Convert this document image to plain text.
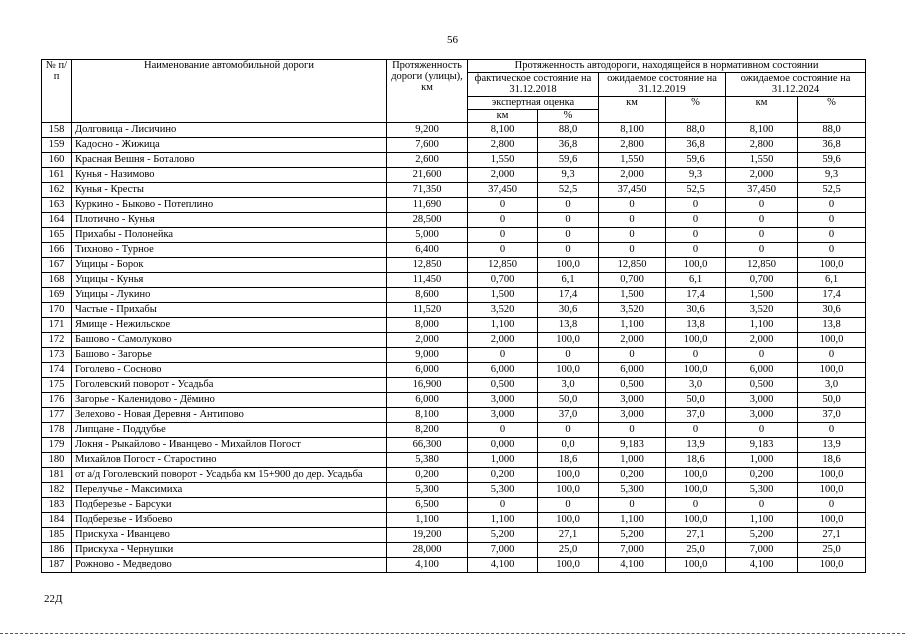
56
№ п/п	Наименование автомобильной дороги	Протяженность дороги (улицы), км	Протяженность автодороги, находящейся в нормативном состоянии					
			фактическое состояние на 31.12.2018		ожидаемое состояние на 31.12.2019		ожидаемое состояние на 31.12.2024	
			экспертная оценка		км	%	км	%
			км	%				
158	Долговица - Лисичино	9,200	8,100	88,0	8,100	88,0	8,100	88,0
159	Кадосно - Жижица	7,600	2,800	36,8	2,800	36,8	2,800	36,8
160	Красная Вешня - Боталово	2,600	1,550	59,6	1,550	59,6	1,550	59,6
161	Кунья - Назимово	21,600	2,000	9,3	2,000	9,3	2,000	9,3
162	Кунья - Кресты	71,350	37,450	52,5	37,450	52,5	37,450	52,5
163	Куркино - Быково - Потеплино	11,690	0	0	0	0	0	0
164	Плотично - Кунья	28,500	0	0	0	0	0	0
165	Прихабы - Полонейка	5,000	0	0	0	0	0	0
166	Тихново - Турное	6,400	0	0	0	0	0	0
167	Ущицы - Борок	12,850	12,850	100,0	12,850	100,0	12,850	100,0
168	Ущицы - Кунья	11,450	0,700	6,1	0,700	6,1	0,700	6,1
169	Ущицы - Лукино	8,600	1,500	17,4	1,500	17,4	1,500	17,4
170	Частые - Прихабы	11,520	3,520	30,6	3,520	30,6	3,520	30,6
171	Ямище - Нежильское	8,000	1,100	13,8	1,100	13,8	1,100	13,8
172	Башово - Самолуково	2,000	2,000	100,0	2,000	100,0	2,000	100,0
173	Башово - Загорье	9,000	0	0	0	0	0	0
174	Гоголево - Сосново	6,000	6,000	100,0	6,000	100,0	6,000	100,0
175	Гоголевский поворот - Усадьба	16,900	0,500	3,0	0,500	3,0	0,500	3,0
176	Загорье - Каленидово - Дёмино	6,000	3,000	50,0	3,000	50,0	3,000	50,0
177	Зелехово - Новая Деревня - Антипово	8,100	3,000	37,0	3,000	37,0	3,000	37,0
178	Липцане - Поддубье	8,200	0	0	0	0	0	0
179	Локня - Рыкайлово - Иванцево - Михайлов Погост	66,300	0,000	0,0	9,183	13,9	9,183	13,9
180	Михайлов Погост - Старостино	5,380	1,000	18,6	1,000	18,6	1,000	18,6
181	от а/д Гоголевский поворот - Усадьба км 15+900 до дер. Усадьба	0,200	0,200	100,0	0,200	100,0	0,200	100,0
182	Перелучье - Максимиха	5,300	5,300	100,0	5,300	100,0	5,300	100,0
183	Подберезье - Барсуки	6,500	0	0	0	0	0	0
184	Подберезье - Избоево	1,100	1,100	100,0	1,100	100,0	1,100	100,0
185	Прискуха - Иванцево	19,200	5,200	27,1	5,200	27,1	5,200	27,1
186	Прискуха - Чернушки	28,000	7,000	25,0	7,000	25,0	7,000	25,0
187	Рожново - Медведово	4,100	4,100	100,0	4,100	100,0	4,100	100,0
22Д
